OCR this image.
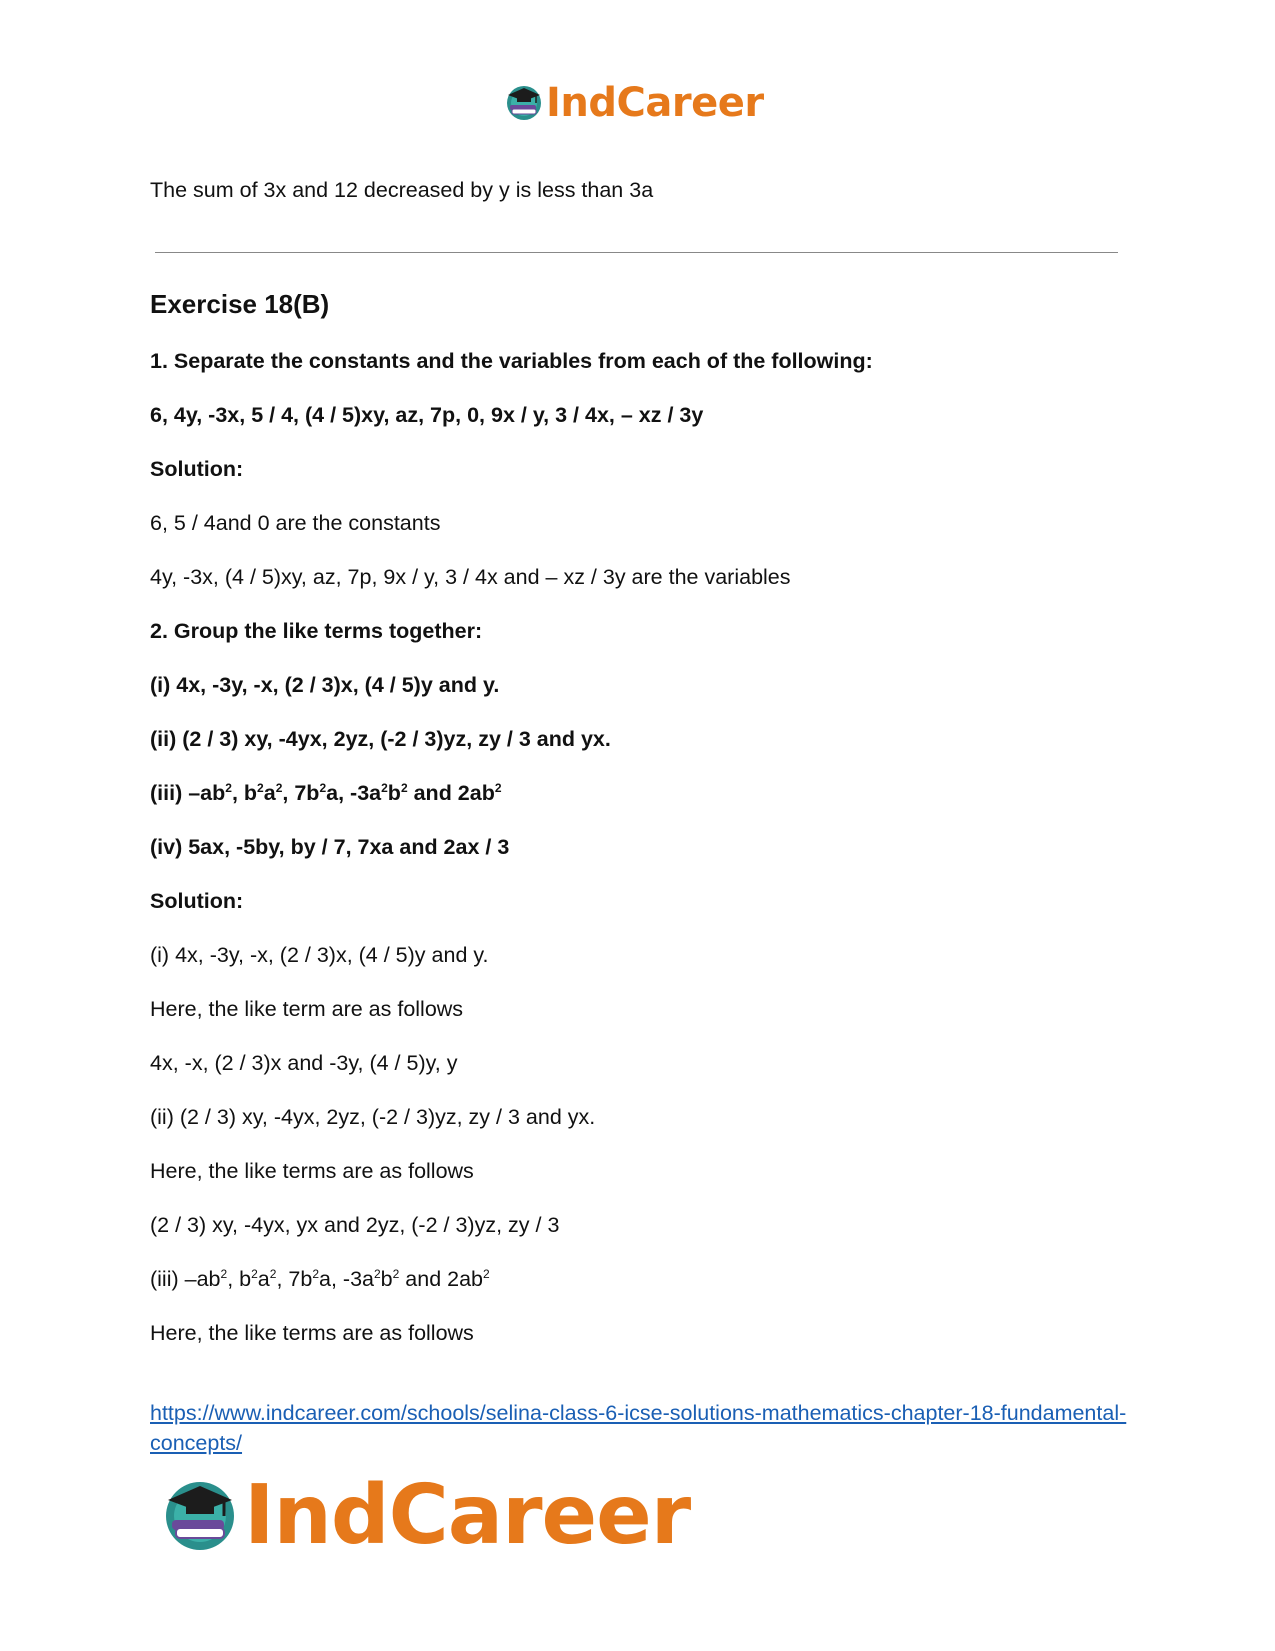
IndCareer
The sum of 3x and 12 decreased by y is less than 3a
Exercise 18(B)
1. Separate the constants and the variables from each of the following:
6, 4y, -3x, 5 / 4, (4 / 5)xy, az, 7p, 0, 9x / y, 3 / 4x, – xz / 3y
Solution:
6, 5 / 4and 0 are the constants
4y, -3x, (4 / 5)xy, az, 7p, 9x / y, 3 / 4x and – xz / 3y are the variables
2. Group the like terms together:
(i) 4x, -3y, -x, (2 / 3)x, (4 / 5)y and y.
(ii) (2 / 3) xy, -4yx, 2yz, (-2 / 3)yz, zy / 3 and yx.
(iii) $-ab^2$, $b^2a^2$, $7b^2a$, $-3a^2b^2$ and $2ab^2$
(iv) 5ax, -5by, by / 7, 7xa and 2ax / 3
Solution:
(i) 4x, -3y, -x, (2 / 3)x, (4 / 5)y and y.
Here, the like term are as follows
4x, -x, (2 / 3)x and -3y, (4 / 5)y, y
(ii) (2 / 3) xy, -4yx, 2yz, (-2 / 3)yz, zy / 3 and yx.
Here, the like terms are as follows
(2 / 3) xy, -4yx, yx and 2yz, (-2 / 3)yz, zy / 3
(iii) $-ab^2$, $b^2a^2$, $7b^2a$, $-3a^2b^2$ and $2ab^2$
Here, the like terms are as follows
https://www.indcareer.com/schools/selina-class-6-icse-solutions-mathematics-chapter-18-fundamental-concepts/
IndCareer
